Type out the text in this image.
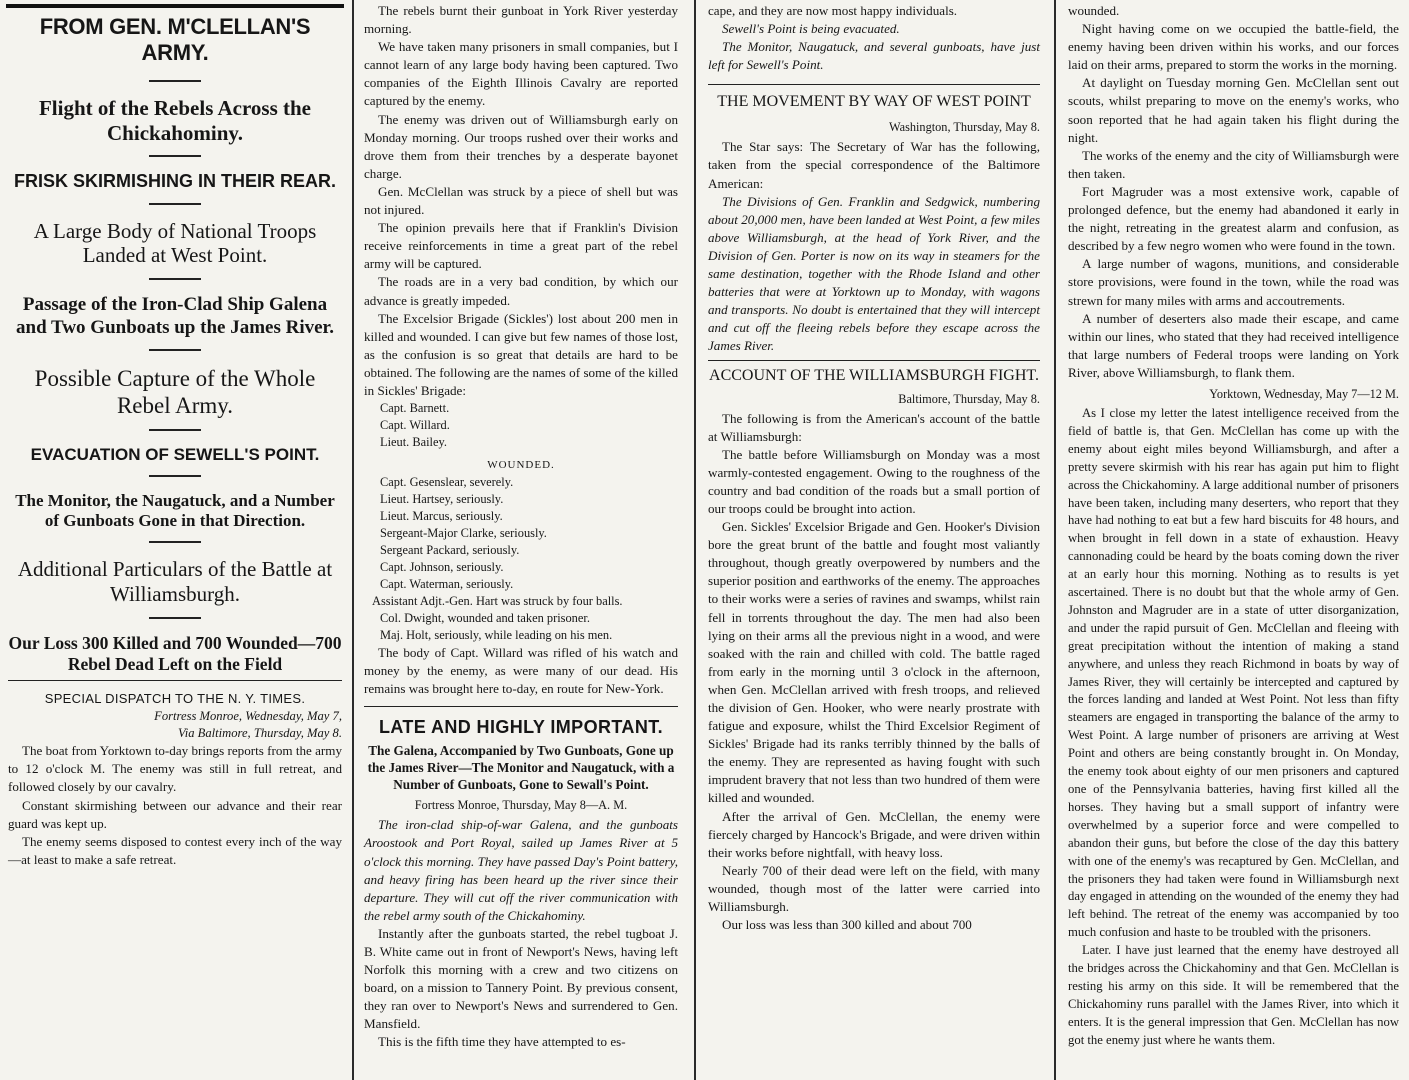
FROM GEN. M'CLELLAN'S ARMY.
Flight of the Rebels Across the Chickahominy.
FRISK SKIRMISHING IN THEIR REAR.
A Large Body of National Troops Landed at West Point.
Passage of the Iron-Clad Ship Galena and Two Gunboats up the James River.
Possible Capture of the Whole Rebel Army.
EVACUATION OF SEWELL'S POINT.
The Monitor, the Naugatuck, and a Number of Gunboats Gone in that Direction.
Additional Particulars of the Battle at Williamsburgh.
Our Loss 300 Killed and 700 Wounded—700 Rebel Dead Left on the Field
SPECIAL DISPATCH TO THE N. Y. TIMES.

Fortress Monroe, Wednesday, May 7,

Via Baltimore, Thursday, May 8.

The boat from Yorktown to-day brings reports from the army to 12 o'clock M. The enemy was still in full retreat, and followed closely by our cavalry.

Constant skirmishing between our advance and their rear guard was kept up.

The enemy seems disposed to contest every inch of the way—at least to make a safe retreat.

The rebels burnt their gunboat in York River yesterday morning.

We have taken many prisoners in small companies, but I cannot learn of any large body having been captured. Two companies of the Eighth Illinois Cavalry are reported captured by the enemy.

The enemy was driven out of Williamsburgh early on Monday morning. Our troops rushed over their works and drove them from their trenches by a desperate bayonet charge.

Gen. McClellan was struck by a piece of shell but was not injured.

The opinion prevails here that if Franklin's Division receive reinforcements in time a great part of the rebel army will be captured.

The roads are in a very bad condition, by which our advance is greatly impeded.

The Excelsior Brigade (Sickles') lost about 200 men in killed and wounded. I can give but few names of those lost, as the confusion is so great that details are hard to be obtained. The following are the names of some of the killed in Sickles' Brigade:

Capt. Barnett.

Capt. Willard.

Lieut. Bailey.

WOUNDED.

Capt. Gesenslear, severely.

Lieut. Hartsey, seriously.

Lieut. Marcus, seriously.

Sergeant-Major Clarke, seriously.

Sergeant Packard, seriously.

Capt. Johnson, seriously.

Capt. Waterman, seriously.

Assistant Adjt.-Gen. Hart was struck by four balls.

Col. Dwight, wounded and taken prisoner.

Maj. Holt, seriously, while leading on his men.

The body of Capt. Willard was rifled of his watch and money by the enemy, as were many of our dead. His remains was brought here to-day, en route for New-York.

LATE AND HIGHLY IMPORTANT.
The Galena, Accompanied by Two Gunboats, Gone up the James River—The Monitor and Naugatuck, with a Number of Gunboats, Gone to Sewall's Point.
Fortress Monroe, Thursday, May 8—A. M.

The iron-clad ship-of-war Galena, and the gunboats Aroostook and Port Royal, sailed up James River at 5 o'clock this morning. They have passed Day's Point battery, and heavy firing has been heard up the river since their departure. They will cut off the river communication with the rebel army south of the Chickahominy.

Instantly after the gunboats started, the rebel tugboat J. B. White came out in front of Newport's News, having left Norfolk this morning with a crew and two citizens on board, on a mission to Tannery Point. By previous consent, they ran over to Newport's News and surrendered to Gen. Mansfield.

This is the fifth time they have attempted to es-

cape, and they are now most happy individuals.

Sewell's Point is being evacuated.

The Monitor, Naugatuck, and several gunboats, have just left for Sewell's Point.

THE MOVEMENT BY WAY OF WEST POINT
Washington, Thursday, May 8.

The Star says: The Secretary of War has the following, taken from the special correspondence of the Baltimore American:

The Divisions of Gen. Franklin and Sedgwick, numbering about 20,000 men, have been landed at West Point, a few miles above Williamsburgh, at the head of York River, and the Division of Gen. Porter is now on its way in steamers for the same destination, together with the Rhode Island and other batteries that were at Yorktown up to Monday, with wagons and transports. No doubt is entertained that they will intercept and cut off the fleeing rebels before they escape across the James River.

ACCOUNT OF THE WILLIAMSBURGH FIGHT.
Baltimore, Thursday, May 8.

The following is from the American's account of the battle at Williamsburgh:

The battle before Williamsburgh on Monday was a most warmly-contested engagement. Owing to the roughness of the country and bad condition of the roads but a small portion of our troops could be brought into action.

Gen. Sickles' Excelsior Brigade and Gen. Hooker's Division bore the great brunt of the battle and fought most valiantly throughout, though greatly overpowered by numbers and the superior position and earthworks of the enemy. The approaches to their works were a series of ravines and swamps, whilst rain fell in torrents throughout the day. The men had also been lying on their arms all the previous night in a wood, and were soaked with the rain and chilled with cold. The battle raged from early in the morning until 3 o'clock in the afternoon, when Gen. McClellan arrived with fresh troops, and relieved the division of Gen. Hooker, who were nearly prostrate with fatigue and exposure, whilst the Third Excelsior Regiment of Sickles' Brigade had its ranks terribly thinned by the balls of the enemy. They are represented as having fought with such imprudent bravery that not less than two hundred of them were killed and wounded.

After the arrival of Gen. McClellan, the enemy were fiercely charged by Hancock's Brigade, and were driven within their works before nightfall, with heavy loss.

Nearly 700 of their dead were left on the field, with many wounded, though most of the latter were carried into Williamsburgh.

Our loss was less than 300 killed and about 700

wounded.

Night having come on we occupied the battle-field, the enemy having been driven within his works, and our forces laid on their arms, prepared to storm the works in the morning.

At daylight on Tuesday morning Gen. McClellan sent out scouts, whilst preparing to move on the enemy's works, who soon reported that he had again taken his flight during the night.

The works of the enemy and the city of Williamsburgh were then taken.

Fort Magruder was a most extensive work, capable of prolonged defence, but the enemy had abandoned it early in the night, retreating in the greatest alarm and confusion, as described by a few negro women who were found in the town.

A large number of wagons, munitions, and considerable store provisions, were found in the town, while the road was strewn for many miles with arms and accoutrements.

A number of deserters also made their escape, and came within our lines, who stated that they had received intelligence that large numbers of Federal troops were landing on York River, above Williamsburgh, to flank them.

Yorktown, Wednesday, May 7—12 M.

As I close my letter the latest intelligence received from the field of battle is, that Gen. McClellan has come up with the enemy about eight miles beyond Williamsburgh, and after a pretty severe skirmish with his rear has again put him to flight across the Chickahominy. A large additional number of prisoners have been taken, including many deserters, who report that they have had nothing to eat but a few hard biscuits for 48 hours, and when brought in fell down in a state of exhaustion. Heavy cannonading could be heard by the boats coming down the river at an early hour this morning. Nothing as to results is yet ascertained. There is no doubt but that the whole army of Gen. Johnston and Magruder are in a state of utter disorganization, and under the rapid pursuit of Gen. McClellan and fleeing with great precipitation without the intention of making a stand anywhere, and unless they reach Richmond in boats by way of James River, they will certainly be intercepted and captured by the forces landing and landed at West Point. Not less than fifty steamers are engaged in transporting the balance of the army to West Point. A large number of prisoners are arriving at West Point and others are being constantly brought in. On Monday, the enemy took about eighty of our men prisoners and captured one of the Pennsylvania batteries, having first killed all the horses. They having but a small support of infantry were overwhelmed by a superior force and were compelled to abandon their guns, but before the close of the day this battery with one of the enemy's was recaptured by Gen. McClellan, and the prisoners they had taken were found in Williamsburgh next day engaged in attending on the wounded of the enemy they had left behind. The retreat of the enemy was accompanied by too much confusion and haste to be troubled with the prisoners.

Later. I have just learned that the enemy have destroyed all the bridges across the Chickahominy and that Gen. McClellan is resting his army on this side. It will be remembered that the Chickahominy runs parallel with the James River, into which it enters. It is the general impression that Gen. McClellan has now got the enemy just where he wants them.
